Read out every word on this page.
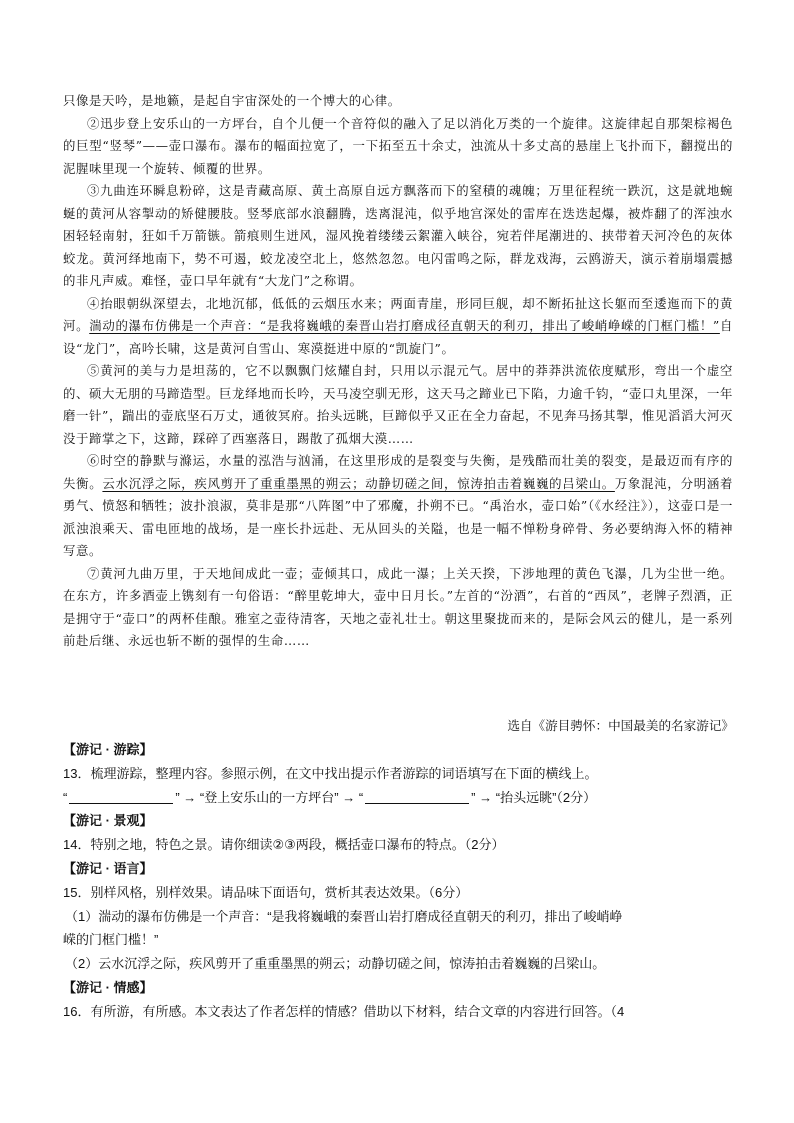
只像是天吟，是地籁，是起自宇宙深处的一个博大的心律。

②迅步登上安乐山的一方坪台，自个儿便一个音符似的融入了足以消化万类的一个旋律。这旋律起自那架棕褐色的巨型“竖琴”——壶口瀑布。瀑布的幅面拉宽了，一下拓至五十余丈，浊流从十多丈高的悬崖上飞扑而下，翻搅出的泥腥味里现一个旋转、倾覆的世界。

③九曲连环瞬息粉碎，这是青藏高原、黄土高原自远方飘落而下的窒積的魂魄；万里征程统一跌沉，这是就地蜿蜒的黄河从容掣动的矫健腰肢。竖琴底部水浪翻腾，迭离混沌，似乎地宫深处的雷库在迭迭起爆，被炸翻了的浑浊水困轻轻南射，狂如千万箭镞。箭痕则生迸风，湿风挽着缕缕云絮灌入峡谷，宛若伴尾潮进的、挟带着天河冷色的灰体蛟龙。黄河绎地南下，势不可遏，蛟龙凌空北上，悠然忽忽。电闪雷鸣之际，群龙戏海，云鸥游天，演示着崩塌震撼的非凡声威。难怪，壶口早年就有“大龙门”之称谓。

④抬眼朝纵深望去，北地沉郁，低低的云烟压水来；两面青崖，形同巨舰，却不断拓扯这长躯而至逶迤而下的黄河。湍动的瀑布仿佛是一个声音：“是我将巍峨的秦晋山岩打磨成径直朝天的利刃，排出了峻峭峥嵘的门框门槛！”自设“龙门”，高吟长啸，这是黄河自雪山、寒漠挺进中原的“凯旋门”。

⑤黄河的美与力是坦荡的，它不以飘飘门炫耀自封，只用以示混元气。居中的莽莽洪流依度赋形，弯出一个虚空的、硕大无朋的马蹄造型。巨龙绎地而长吟，天马凌空驯无形，这天马之蹄业已下陷，力逾千钧，“壶口丸里深，一年磨一针”，踹出的壶底坚石万丈，通彼冥府。抬头远眺，巨蹄似乎又正在全力奋起，不见奔马扬其掣，惟见滔滔大河灭没于蹄掌之下，这蹄，踩碎了西塞落日，踢散了孤烟大漠……

⑥时空的静默与滌运，水量的泓浩与汹涌，在这里形成的是裂变与失衡，是残酷而壮美的裂变，是最迈而有序的失衡。云水沉浮之际，疾风剪开了重重墨黑的朔云；动静切磋之间，惊涛拍击着巍巍的吕梁山。万象混沌，分明涵着勇气、愤怒和牺牲；波扑浪淑，莫非是那“八阵图”中了邪魔，扑朔不已。“禹治水，壶口始”（《水经注》），这壶口是一派浊浪乘天、雷电匝地的战场，是一座长扑远赴、无从回头的关隘，也是一幅不惮粉身碎骨、务必要纳海入怀的精神写意。

⑦黄河九曲万里，于天地间成此一壶；壶倾其口，成此一瀑；上关天揆，下涉地理的黄色飞瀑，几为尘世一绝。在东方，许多酒壶上镌刻有一句俗语：“醉里乾坤大，壶中日月长。”左首的“汾酒”，右首的“西凤”，老牌子烈酒，正是拥守于“壶口”的两杯佳酿。雅室之壶待清客，天地之壶礼壮士。朝这里聚拢而来的，是际会风云的健儿，是一系列前赴后继、永远也斩不断的强悍的生命……

选自《游目骋怀：中国最美的名家游记》
【游记 · 游踪】
13．梳理游踪，整理内容。参照示例，在文中找出提示作者游踪的词语填写在下面的横线上。
“	” → “登上安乐山的一方坪台” → “	” → “抬头远眺”（2分）
【游记 · 景观】
14．特别之地，特色之景。请你细读②③两段，概括壶口瀑布的特点。（2分）
【游记 · 语言】
15．别样风格，别样效果。请品味下面语句，赏析其表达效果。（6分）
（1）湍动的瀑布仿佛是一个声音：“是我将巍峨的秦晋山岩打磨成径直朝天的利刃，排出了峻峭峥
嵘的门框门槛！”
（2）云水沉浮之际，疾风剪开了重重墨黑的朔云；动静切磋之间，惊涛拍击着巍巍的吕梁山。
【游记 · 情感】
16．有所游，有所感。本文表达了作者怎样的情感？借助以下材料，结合文章的内容进行回答。（4
